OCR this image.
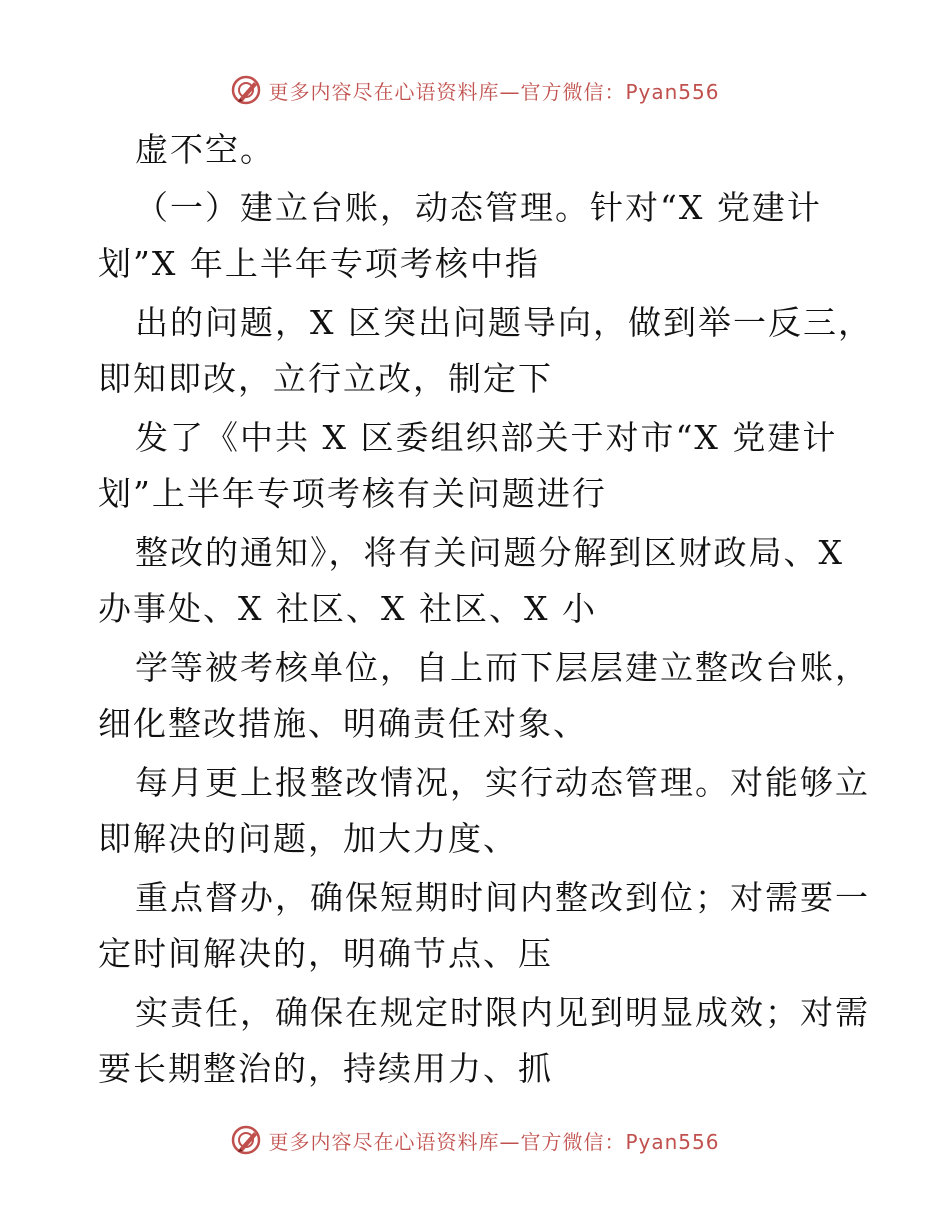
更多内容尽在心语资料库—官方微信：Pyan556
虚不空。
（一）建立台账，动态管理。针对“X 党建计
划”X 年上半年专项考核中指
出的问题，X 区突出问题导向，做到举一反三，
即知即改，立行立改，制定下
发了《中共 X 区委组织部关于对市“X 党建计
划”上半年专项考核有关问题进行
整改的通知》，将有关问题分解到区财政局、X
办事处、X 社区、X 社区、X 小
学等被考核单位，自上而下层层建立整改台账，
细化整改措施、明确责任对象、
每月更上报整改情况，实行动态管理。对能够立
即解决的问题，加大力度、
重点督办，确保短期时间内整改到位；对需要一
定时间解决的，明确节点、压
实责任，确保在规定时限内见到明显成效；对需
要长期整治的，持续用力、抓
更多内容尽在心语资料库—官方微信：Pyan556
